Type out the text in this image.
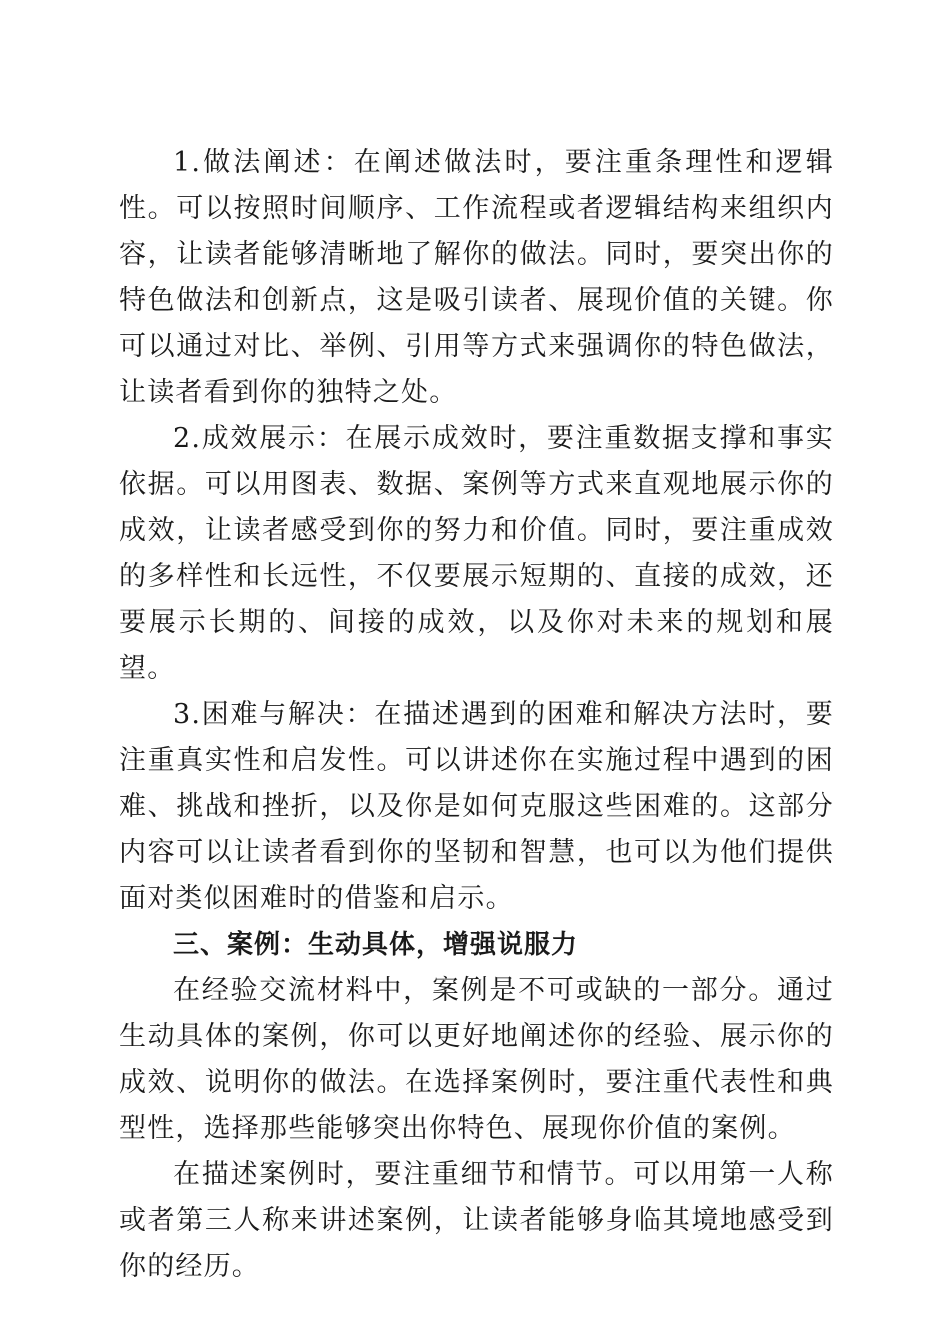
1.做法阐述：在阐述做法时，要注重条理性和逻辑性。可以按照时间顺序、工作流程或者逻辑结构来组织内容，让读者能够清晰地了解你的做法。同时，要突出你的特色做法和创新点，这是吸引读者、展现价值的关键。你可以通过对比、举例、引用等方式来强调你的特色做法，让读者看到你的独特之处。

2.成效展示：在展示成效时，要注重数据支撑和事实依据。可以用图表、数据、案例等方式来直观地展示你的成效，让读者感受到你的努力和价值。同时，要注重成效的多样性和长远性，不仅要展示短期的、直接的成效，还要展示长期的、间接的成效，以及你对未来的规划和展望。

3.困难与解决：在描述遇到的困难和解决方法时，要注重真实性和启发性。可以讲述你在实施过程中遇到的困难、挑战和挫折，以及你是如何克服这些困难的。这部分内容可以让读者看到你的坚韧和智慧，也可以为他们提供面对类似困难时的借鉴和启示。

三、案例：生动具体，增强说服力

在经验交流材料中，案例是不可或缺的一部分。通过生动具体的案例，你可以更好地阐述你的经验、展示你的成效、说明你的做法。在选择案例时，要注重代表性和典型性，选择那些能够突出你特色、展现你价值的案例。

在描述案例时，要注重细节和情节。可以用第一人称或者第三人称来讲述案例，让读者能够身临其境地感受到你的经历。
